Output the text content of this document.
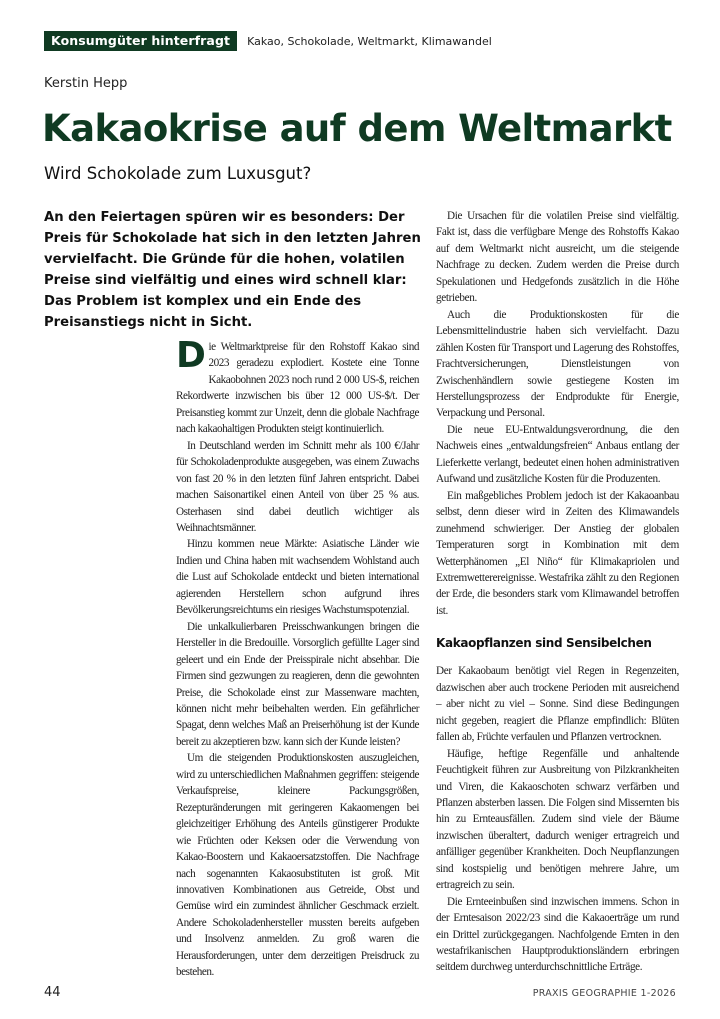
Konsumgüter hinterfragt	Kakao, Schokolade, Weltmarkt, Klimawandel
Kerstin Hepp
Kakaokrise auf dem Weltmarkt
Wird Schokolade zum Luxusgut?

An den Feiertagen spüren wir es besonders: Der Preis für Schokolade hat sich in den letzten Jahren vervielfacht. Die Gründe für die hohen, volatilen Preise sind vielfältig und eines wird schnell klar: Das Problem ist komplex und ein Ende des Preisanstiegs nicht in Sicht.

Die Weltmarktpreise für den Rohstoff Kakao sind 2023 geradezu explodiert. Kostete eine Tonne Kakaobohnen 2023 noch rund 2 000 US-$, reichen Rekordwerte inzwischen bis über 12 000 US-$/t. Der Preisanstieg kommt zur Unzeit, denn die globale Nachfrage nach kakaohaltigen Produkten steigt kontinuierlich.

In Deutschland werden im Schnitt mehr als 100 €/Jahr für Schokoladenprodukte ausgegeben, was einem Zuwachs von fast 20 % in den letzten fünf Jahren entspricht. Dabei machen Saisonartikel einen Anteil von über 25 % aus. Osterhasen sind dabei deutlich wichtiger als Weihnachtsmänner.

Hinzu kommen neue Märkte: Asiatische Länder wie Indien und China haben mit wachsendem Wohlstand auch die Lust auf Schokolade entdeckt und bieten international agierenden Herstellern schon aufgrund ihres Bevölkerungsreichtums ein riesiges Wachstumspotenzial.

Die unkalkulierbaren Preisschwankungen bringen die Hersteller in die Bredouille. Vorsorglich gefüllte Lager sind geleert und ein Ende der Preisspirale nicht absehbar. Die Firmen sind gezwungen zu reagieren, denn die gewohnten Preise, die Schokolade einst zur Massenware machten, können nicht mehr beibehalten werden. Ein gefährlicher Spagat, denn welches Maß an Preiserhöhung ist der Kunde bereit zu akzeptieren bzw. kann sich der Kunde leisten?

Um die steigenden Produktionskosten auszugleichen, wird zu unterschiedlichen Maßnahmen gegriffen: steigende Verkaufspreise, kleinere Packungsgrößen, Rezepturänderungen mit geringeren Kakaomengen bei gleichzeitiger Erhöhung des Anteils günstigerer Produkte wie Früchten oder Keksen oder die Verwendung von Kakao-Boostern und Kakaoersatzstoffen. Die Nachfrage nach sogenannten Kakaosubstituten ist groß. Mit innovativen Kombinationen aus Getreide, Obst und Gemüse wird ein zumindest ähnlicher Geschmack erzielt. Andere Schokoladenhersteller mussten bereits aufgeben und Insolvenz anmelden. Zu groß waren die Herausforderungen, unter dem derzeitigen Preisdruck zu bestehen.

Die Ursachen für die volatilen Preise sind vielfältig. Fakt ist, dass die verfügbare Menge des Rohstoffs Kakao auf dem Weltmarkt nicht ausreicht, um die steigende Nachfrage zu decken. Zudem werden die Preise durch Spekulationen und Hedgefonds zusätzlich in die Höhe getrieben.

Auch die Produktionskosten für die Lebensmittelindustrie haben sich vervielfacht. Dazu zählen Kosten für Transport und Lagerung des Rohstoffes, Frachtversicherungen, Dienstleistungen von Zwischenhändlern sowie gestiegene Kosten im Herstellungsprozess der Endprodukte für Energie, Verpackung und Personal.

Die neue EU-Entwaldungsverordnung, die den Nachweis eines „entwaldungsfreien“ Anbaus entlang der Lieferkette verlangt, bedeutet einen hohen administrativen Aufwand und zusätzliche Kosten für die Produzenten.

Ein maßgebliches Problem jedoch ist der Kakaoanbau selbst, denn dieser wird in Zeiten des Klimawandels zunehmend schwieriger. Der Anstieg der globalen Temperaturen sorgt in Kombination mit dem Wetterphänomen „El Niño“ für Klimakapriolen und Extremwetterereignisse. Westafrika zählt zu den Regionen der Erde, die besonders stark vom Klimawandel betroffen ist.

Kakaopflanzen sind Sensibelchen

Der Kakaobaum benötigt viel Regen in Regenzeiten, dazwischen aber auch trockene Perioden mit ausreichend – aber nicht zu viel – Sonne. Sind diese Bedingungen nicht gegeben, reagiert die Pflanze empfindlich: Blüten fallen ab, Früchte verfaulen und Pflanzen vertrocknen.

Häufige, heftige Regenfälle und anhaltende Feuchtigkeit führen zur Ausbreitung von Pilzkrankheiten und Viren, die Kakaoschoten schwarz verfärben und Pflanzen absterben lassen. Die Folgen sind Missernten bis hin zu Ernteausfällen. Zudem sind viele der Bäume inzwischen überaltert, dadurch weniger ertragreich und anfälliger gegenüber Krankheiten. Doch Neupflanzungen sind kostspielig und benötigen mehrere Jahre, um ertragreich zu sein.

Die Ernteeinbußen sind inzwischen immens. Schon in der Erntesaison 2022/23 sind die Kakaoerträge um rund ein Drittel zurückgegangen. Nachfolgende Ernten in den westafrikanischen Hauptproduktionsländern erbringen seitdem durchweg unterdurchschnittliche Erträge.

44	PRAXIS GEOGRAPHIE 1-2026
